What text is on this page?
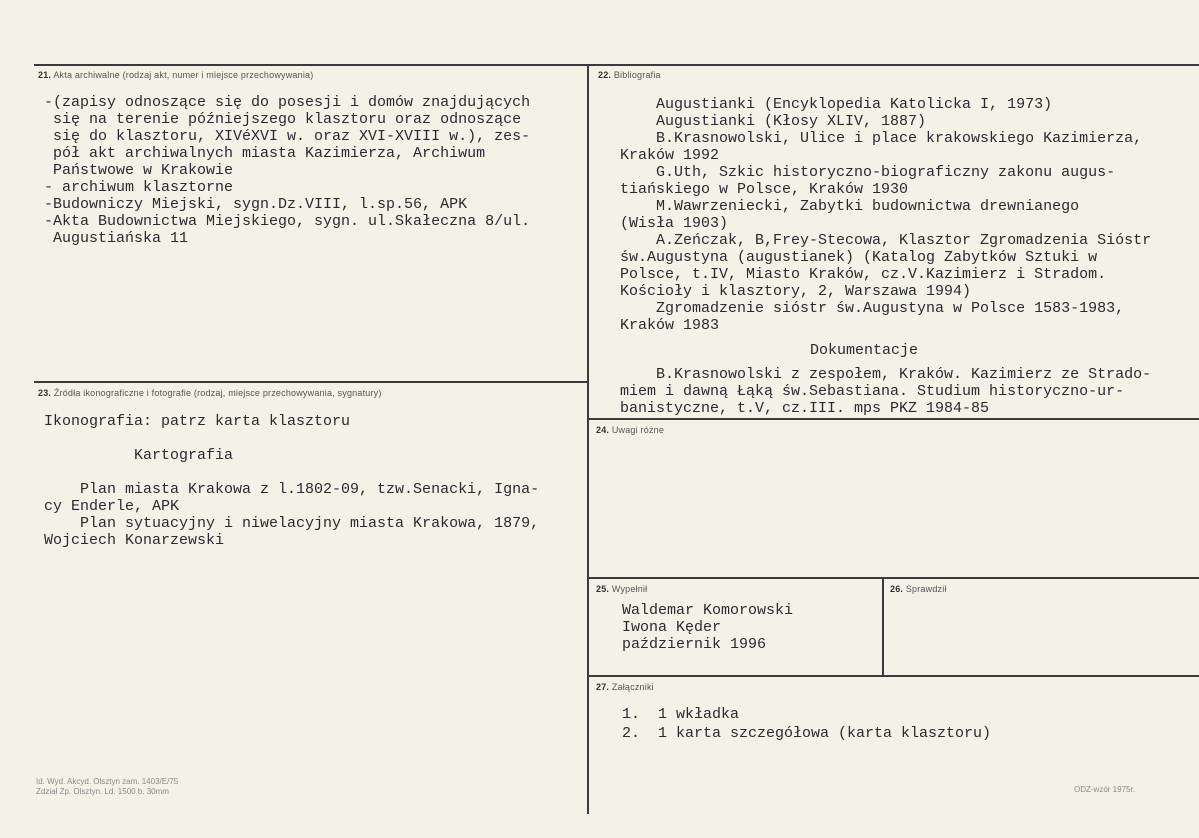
21. Akta archiwalne (rodzaj akt, numer i miejsce przechowywania)
-(zapisy odnoszące się do posesji i domów znajdujących
się na terenie późniejszego klasztoru oraz odnoszące
się do klasztoru, XIVéXVI w. oraz XVI-XVIII w.), zes-
pół akt archiwalnych miasta Kazimierza, Archiwum
Państwowe w Krakowie
- archiwum klasztorne
-Budowniczy Miejski, sygn.Dz.VIII, l.sp.56, APK
-Akta Budownictwa Miejskiego, sygn. ul.Skałeczna 8/ul.
Augustiańska 11
22. Bibliografia
Augustianki (Encyklopedia Katolicka I, 1973)
Augustianki (Kłosy XLIV, 1887)
B.Krasnowolski, Ulice i place krakowskiego Kazimierza,
Kraków 1992
G.Uth, Szkic historyczno-biograficzny zakonu augus-
tiańskiego w Polsce, Kraków 1930
M.Wawrzeniecki, Zabytki budownictwa drewnianego
(Wisła 1903)
A.Zeńczak, B,Frey-Stecowa, Klasztor Zgromadzenia Sióstr
św.Augustyna (augustianek) (Katalog Zabytków Sztuki w
Polsce, t.IV, Miasto Kraków, cz.V.Kazimierz i Stradom.
Kościoły i klasztory, 2, Warszawa 1994)
Zgromadzenie sióstr św.Augustyna w Polsce 1583-1983,
Kraków 1983
Dokumentacje
B.Krasnowolski z zespołem, Kraków. Kazimierz ze Strado-
miem i dawną Łąką św.Sebastiana. Studium historyczno-ur-
banistyczne, t.V, cz.III. mps PKZ 1984-85
23. Źródła ikonograficzne i fotografie (rodzaj, miejsce przechowywania, sygnatury)
Ikonografia: patrz karta klasztoru

Kartografia

Plan miasta Krakowa z l.1802-09, tzw.Senacki, Igna-
cy Enderle, APK
Plan sytuacyjny i niwelacyjny miasta Krakowa, 1879,
Wojciech Konarzewski
24. Uwagi różne
25. Wypełnił
Waldemar Komorowski
Iwona Kęder
październik 1996
26. Sprawdził
27. Załączniki
1.  1 wkładka
2.  1 karta szczegółowa (karta klasztoru)
Id. Wyd. Akcyd. Olsztyn zam. 1403/E/75
Zdział Zp. Olsztyn. Ld. 1500 b. 30mm	ODZ-wzór 1975r.
